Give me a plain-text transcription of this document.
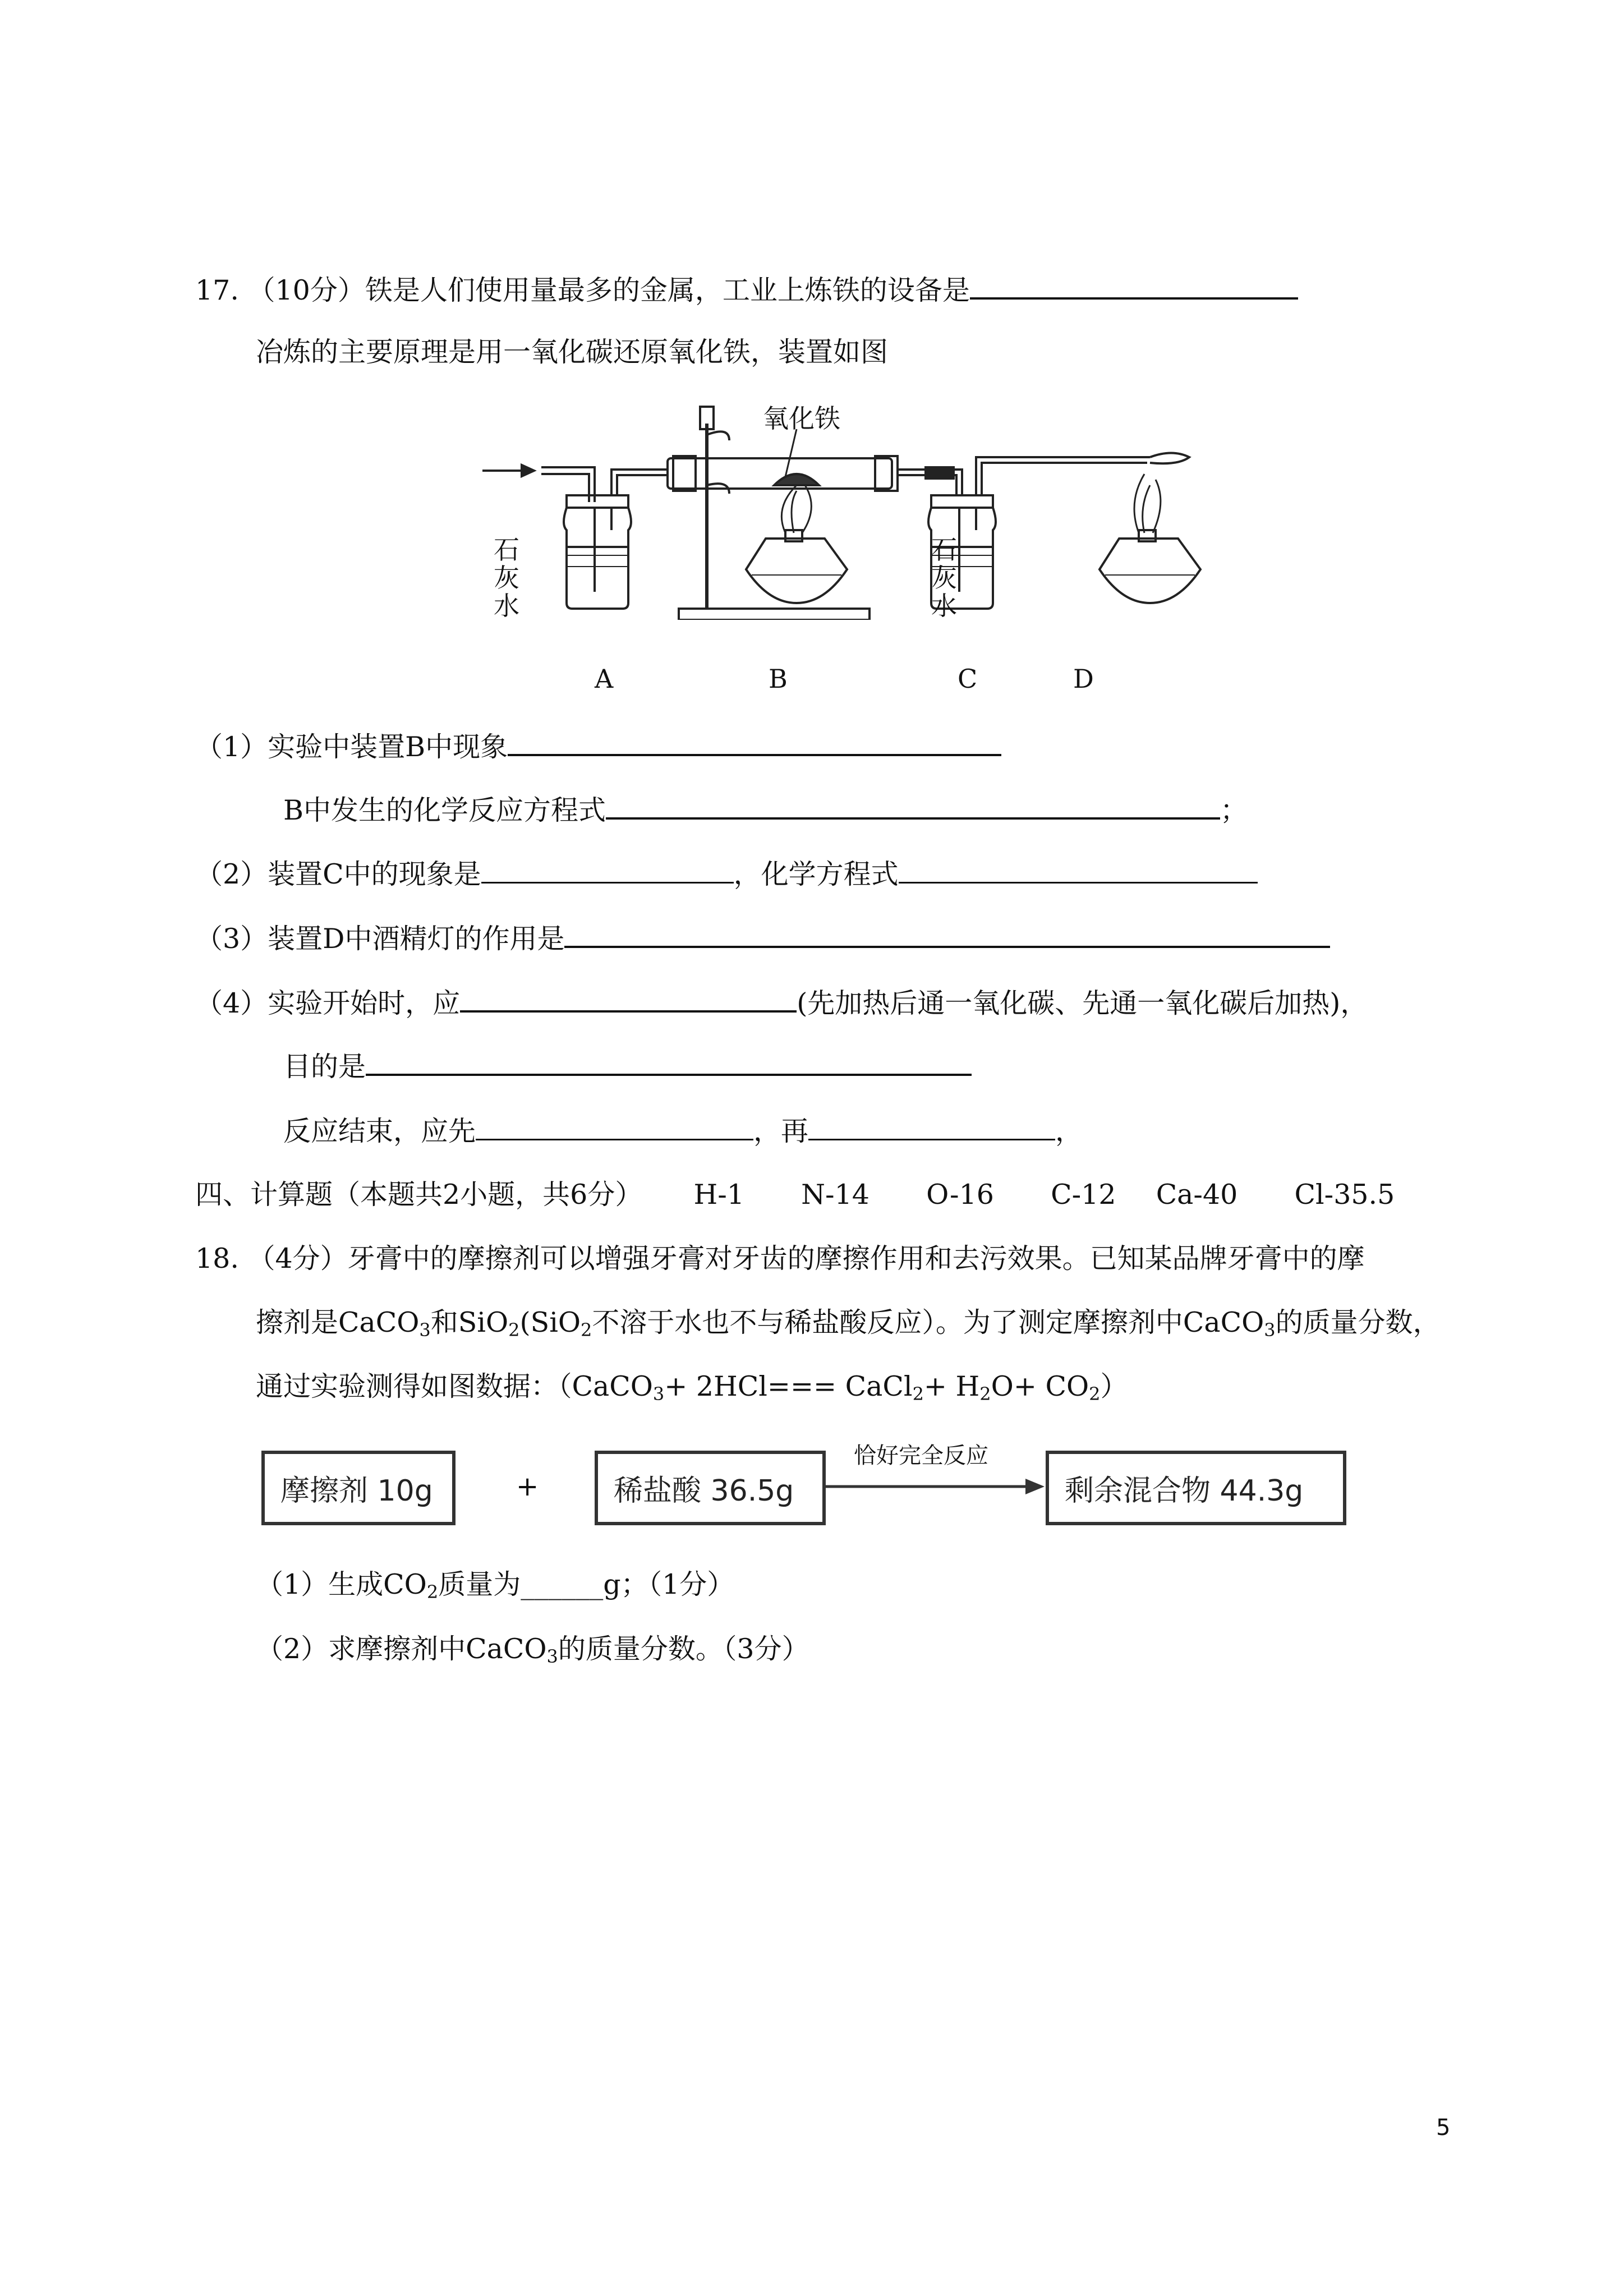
17. （10分）铁是人们使用量最多的金属，工业上炼铁的设备是
冶炼的主要原理是用一氧化碳还原氧化铁，装置如图
氧化铁
石灰水
石灰水
A	B	C	D
（1）实验中装置B中现象
B中发生的化学反应方程式	；
（2）装置C中的现象是	，化学方程式
（3）装置D中酒精灯的作用是
（4）实验开始时，应	(先加热后通一氧化碳、先通一氧化碳后加热)，
目的是
反应结束，应先	，再	，
四、计算题（本题共2小题，共6分） H-1 N-14 O-16 C-12 Ca-40 Cl-35.5
18. （4分）牙膏中的摩擦剂可以增强牙膏对牙齿的摩擦作用和去污效果。已知某品牌牙膏中的摩
擦剂是CaCO$_3$和SiO$_2$(SiO$_2$不溶于水也不与稀盐酸反应）。为了测定摩擦剂中CaCO$_3$的质量分数，
通过实验测得如图数据：（CaCO$_3$+ 2HCl=== CaCl$_2$+ $H_2O+ CO_2$）
摩擦剂 10g	+	稀盐酸 36.5g
恰好完全反应
剩余混合物 44.3g
（1）生成$CO_2$质量为______g；（1分）
（2）求摩擦剂中CaCO$_3$的质量分数。（3分）
5
